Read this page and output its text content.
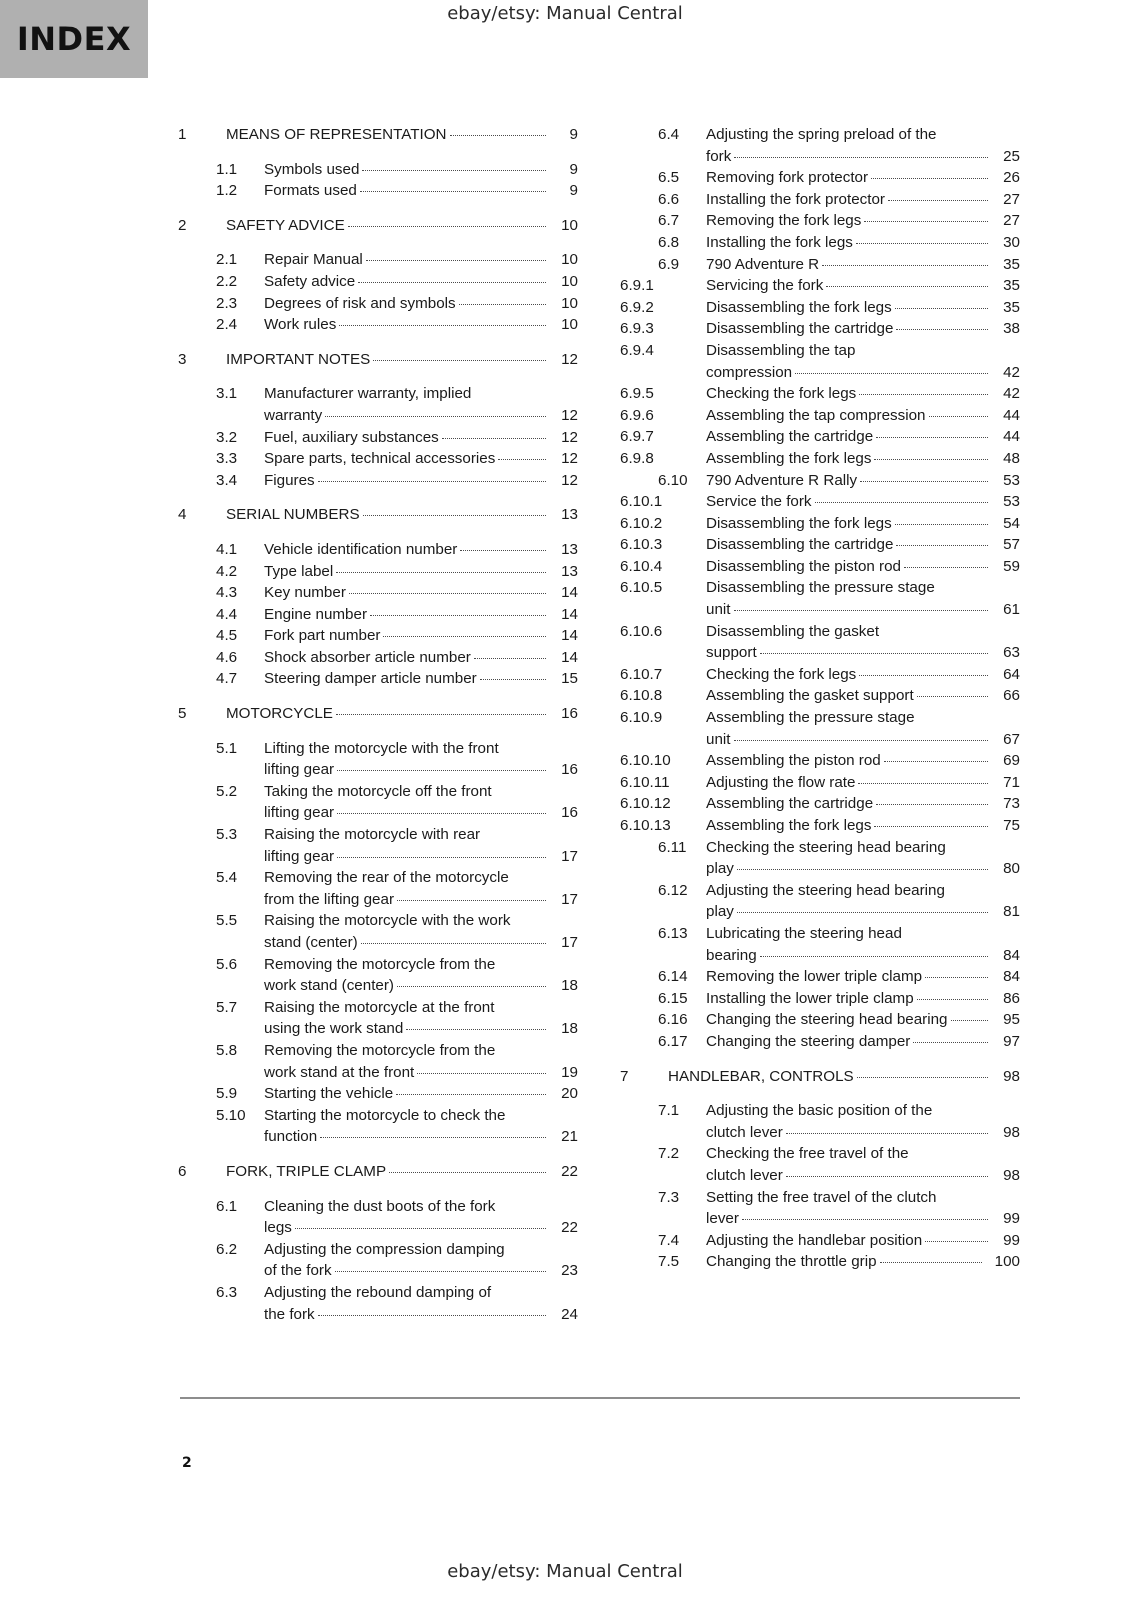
INDEX
ebay/etsy: Manual Central
1	MEANS OF REPRESENTATION	9
1.1	Symbols used	9
1.2	Formats used	9
2	SAFETY ADVICE	10
2.1	Repair Manual	10
2.2	Safety advice	10
2.3	Degrees of risk and symbols	10
2.4	Work rules	10
3	IMPORTANT NOTES	12
3.1	Manufacturer warranty, implied
warranty	12
3.2	Fuel, auxiliary substances	12
3.3	Spare parts, technical accessories	12
3.4	Figures	12
4	SERIAL NUMBERS	13
4.1	Vehicle identification number	13
4.2	Type label	13
4.3	Key number	14
4.4	Engine number	14
4.5	Fork part number	14
4.6	Shock absorber article number	14
4.7	Steering damper article number	15
5	MOTORCYCLE	16
5.1	Lifting the motorcycle with the front
lifting gear	16
5.2	Taking the motorcycle off the front
lifting gear	16
5.3	Raising the motorcycle with rear
lifting gear	17
5.4	Removing the rear of the motorcycle
from the lifting gear	17
5.5	Raising the motorcycle with the work
stand (center)	17
5.6	Removing the motorcycle from the
work stand (center)	18
5.7	Raising the motorcycle at the front
using the work stand	18
5.8	Removing the motorcycle from the
work stand at the front	19
5.9	Starting the vehicle	20
5.10	Starting the motorcycle to check the
function	21
6	FORK, TRIPLE CLAMP	22
6.1	Cleaning the dust boots of the fork
legs	22
6.2	Adjusting the compression damping
of the fork	23
6.3	Adjusting the rebound damping of
the fork	24
6.4	Adjusting the spring preload of the
fork	25
6.5	Removing fork protector	26
6.6	Installing the fork protector	27
6.7	Removing the fork legs	27
6.8	Installing the fork legs	30
6.9	790 Adventure R	35
6.9.1	Servicing the fork	35
6.9.2	Disassembling the fork legs	35
6.9.3	Disassembling the cartridge	38
6.9.4	Disassembling the tap
compression	42
6.9.5	Checking the fork legs	42
6.9.6	Assembling the tap compression	44
6.9.7	Assembling the cartridge	44
6.9.8	Assembling the fork legs	48
6.10	790 Adventure R Rally	53
6.10.1	Service the fork	53
6.10.2	Disassembling the fork legs	54
6.10.3	Disassembling the cartridge	57
6.10.4	Disassembling the piston rod	59
6.10.5	Disassembling the pressure stage
unit	61
6.10.6	Disassembling the gasket
support	63
6.10.7	Checking the fork legs	64
6.10.8	Assembling the gasket support	66
6.10.9	Assembling the pressure stage
unit	67
6.10.10	Assembling the piston rod	69
6.10.11	Adjusting the flow rate	71
6.10.12	Assembling the cartridge	73
6.10.13	Assembling the fork legs	75
6.11	Checking the steering head bearing
play	80
6.12	Adjusting the steering head bearing
play	81
6.13	Lubricating the steering head
bearing	84
6.14	Removing the lower triple clamp	84
6.15	Installing the lower triple clamp	86
6.16	Changing the steering head bearing	95
6.17	Changing the steering damper	97
7	HANDLEBAR, CONTROLS	98
7.1	Adjusting the basic position of the
clutch lever	98
7.2	Checking the free travel of the
clutch lever	98
7.3	Setting the free travel of the clutch
lever	99
7.4	Adjusting the handlebar position	99
7.5	Changing the throttle grip	100
2
ebay/etsy: Manual Central
